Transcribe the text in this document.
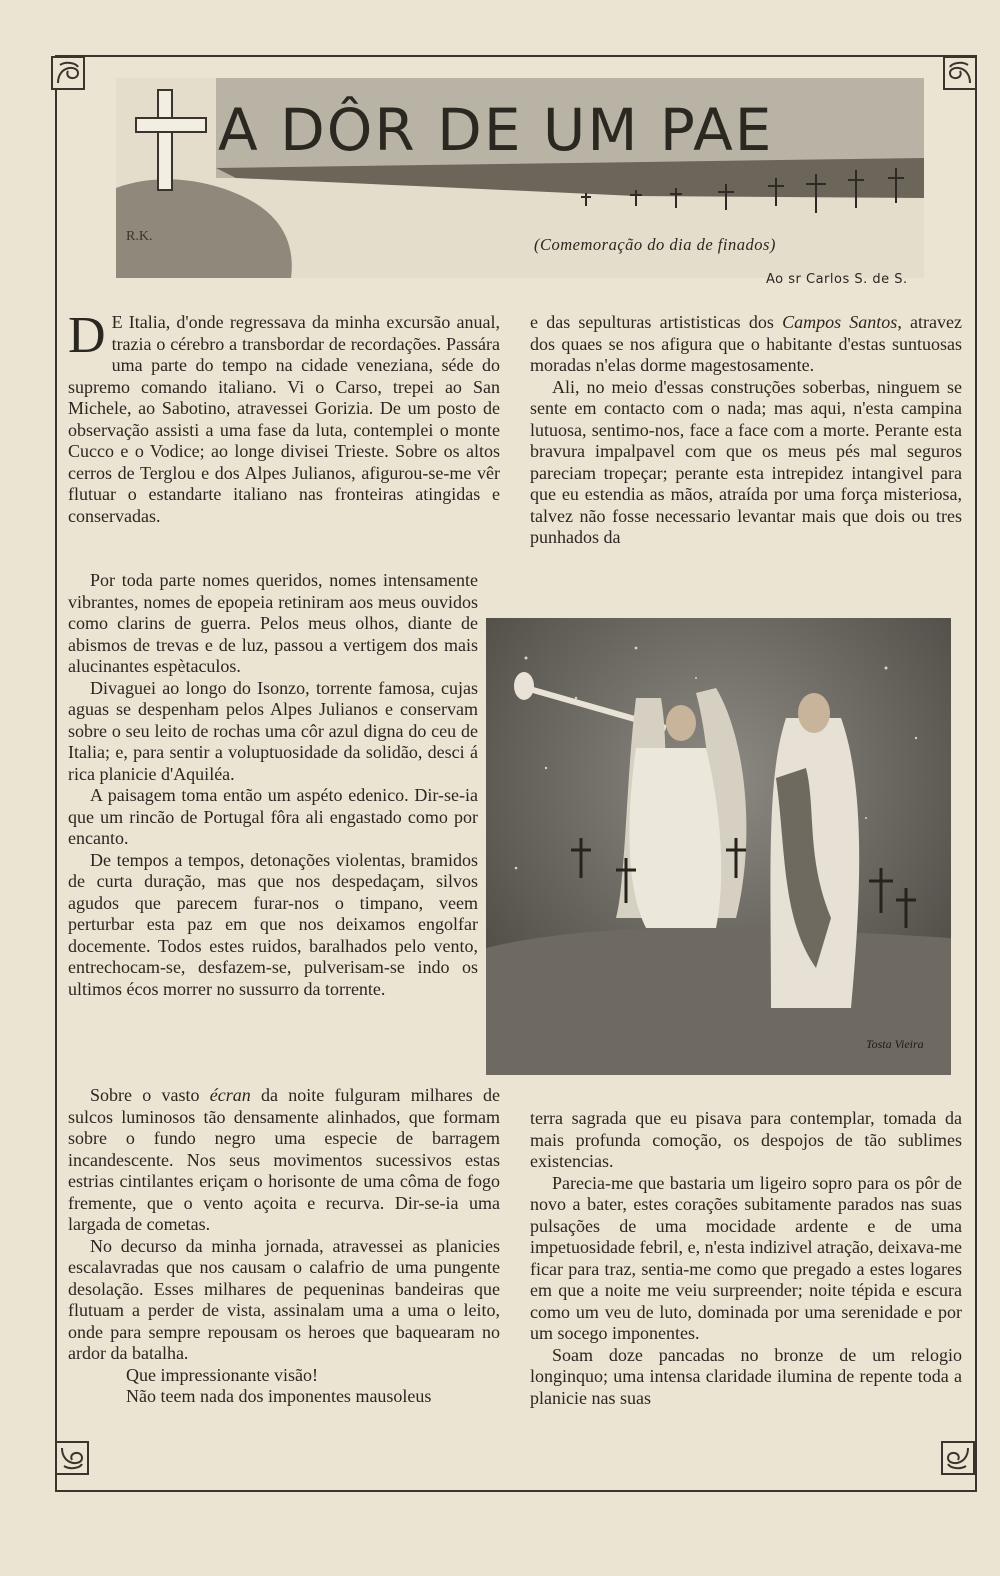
R.K.
A DÔR DE UM PAE
(Comemoração do dia de finados)
Ao sr Carlos S. de S.

D E Italia, d'onde regressava da minha excursão anual, trazia o cérebro a transbordar de recordações. Passára uma parte do tempo na cidade veneziana, séde do supremo comando italiano. Vi o Carso, trepei ao San Michele, ao Sabotino, atravessei Gorizia. De um posto de observação assisti a uma fase da luta, contemplei o monte Cucco e o Vodice; ao longe divisei Trieste. Sobre os altos cerros de Terglou e dos Alpes Julianos, afigurou-se-me vêr flutuar o estandarte italiano nas fronteiras atingidas e conservadas.

Por toda parte nomes queridos, nomes intensamente vibrantes, nomes de epopeia retiniram aos meus ouvidos como clarins de guerra. Pelos meus olhos, diante de abismos de trevas e de luz, passou a vertigem dos mais alucinantes espètaculos.

Divaguei ao longo do Isonzo, torrente famosa, cujas aguas se despenham pelos Alpes Julianos e conservam sobre o seu leito de rochas uma côr azul digna do ceu de Italia; e, para sentir a voluptuosidade da solidão, desci á rica planicie d'Aquiléa.

A paisagem toma então um aspéto edenico. Dir-se-ia que um rincão de Portugal fôra ali engastado como por encanto.

De tempos a tempos, detonações violentas, bramidos de curta duração, mas que nos despedaçam, silvos agudos que parecem furar-nos o timpano, veem perturbar esta paz em que nos deixamos engolfar docemente. Todos estes ruidos, baralhados pelo vento, entrechocam-se, desfazem-se, pulverisam-se indo os ultimos écos morrer no sussurro da torrente.

Sobre o vasto écran da noite fulguram milhares de sulcos luminosos tão densamente alinhados, que formam sobre o fundo negro uma especie de barragem incandescente. Nos seus movimentos sucessivos estas estrias cintilantes eriçam o horisonte de uma côma de fogo fremente, que o vento açoita e recurva. Dir-se-ia uma largada de cometas.

No decurso da minha jornada, atravessei as planicies escalavradas que nos causam o calafrio de uma pungente desolação. Esses milhares de pequeninas bandeiras que flutuam a perder de vista, assinalam uma a uma o leito, onde para sempre repousam os heroes que baquearam no ardor da batalha.

Que impressionante visão!

Não teem nada dos imponentes mausoleus

e das sepulturas artististicas dos Campos Santos, atravez dos quaes se nos afigura que o habitante d'estas suntuosas moradas n'elas dorme magestosamente.

Ali, no meio d'essas construções soberbas, ninguem se sente em contacto com o nada; mas aqui, n'esta campina lutuosa, sentimo-nos, face a face com a morte. Perante esta bravura impalpavel com que os meus pés mal seguros pareciam tropeçar; perante esta intrepidez intangivel para que eu estendia as mãos, atraída por uma força misteriosa, talvez não fosse necessario levantar mais que dois ou tres punhados da

Tosta Vieira

terra sagrada que eu pisava para contemplar, tomada da mais profunda comoção, os despojos de tão sublimes existencias.

Parecia-me que bastaria um ligeiro sopro para os pôr de novo a bater, estes corações subitamente parados nas suas pulsações de uma mocidade ardente e de uma impetuosidade febril, e, n'esta indizivel atração, deixava-me ficar para traz, sentia-me como que pregado a estes logares em que a noite me veiu surpreender; noite tépida e escura como um veu de luto, dominada por uma serenidade e por um socego imponentes.

Soam doze pancadas no bronze de um relogio longinquo; uma intensa claridade ilumina de repente toda a planicie nas suas
